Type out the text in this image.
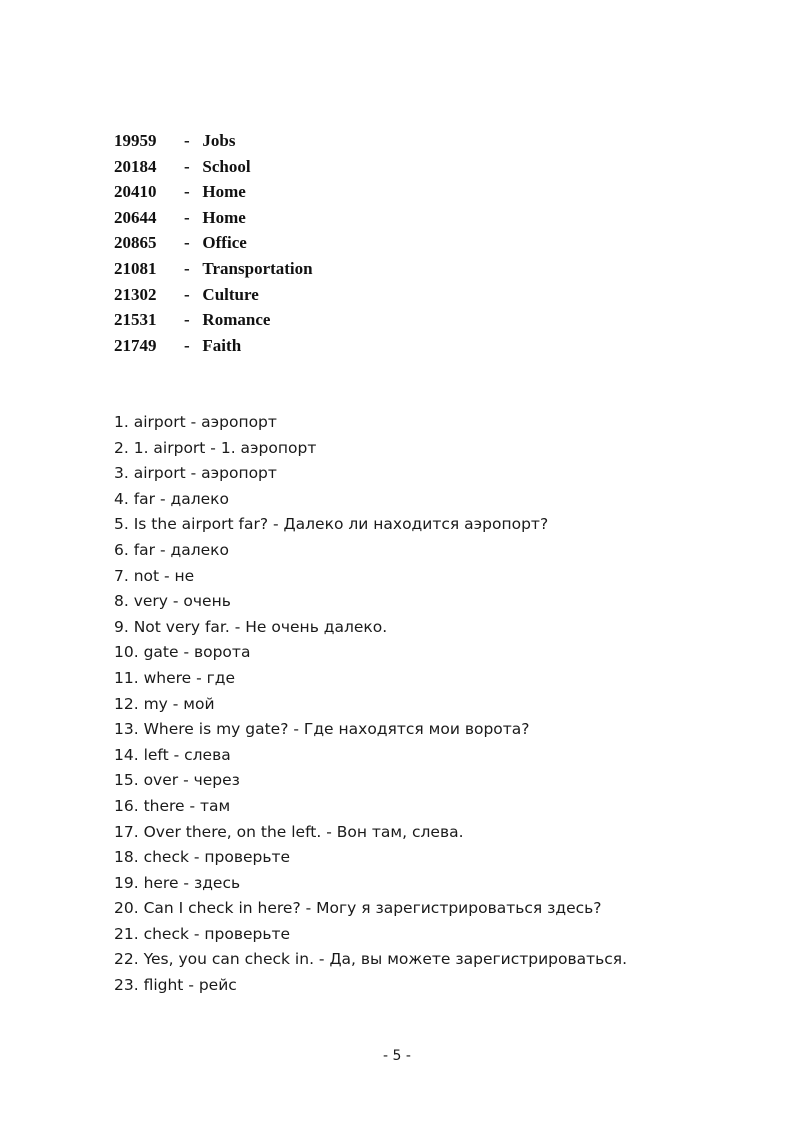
19959 - Jobs
20184 - School
20410 - Home
20644 - Home
20865 - Office
21081 - Transportation
21302 - Culture
21531 - Romance
21749 - Faith
1. airport - аэропорт
2. 1. airport - 1. аэропорт
3. airport - аэропорт
4. far - далеко
5. Is the airport far? - Далеко ли находится аэропорт?
6. far - далеко
7. not - не
8. very - очень
9. Not very far. - Не очень далеко.
10. gate - ворота
11. where - где
12. my - мой
13. Where is my gate? - Где находятся мои ворота?
14. left - слева
15. over - через
16. there - там
17. Over there, on the left. - Вон там, слева.
18. check - проверьте
19. here - здесь
20. Can I check in here? - Могу я зарегистрироваться здесь?
21. check - проверьте
22. Yes, you can check in. - Да, вы можете зарегистрироваться.
23. flight - рейс
- 5 -
